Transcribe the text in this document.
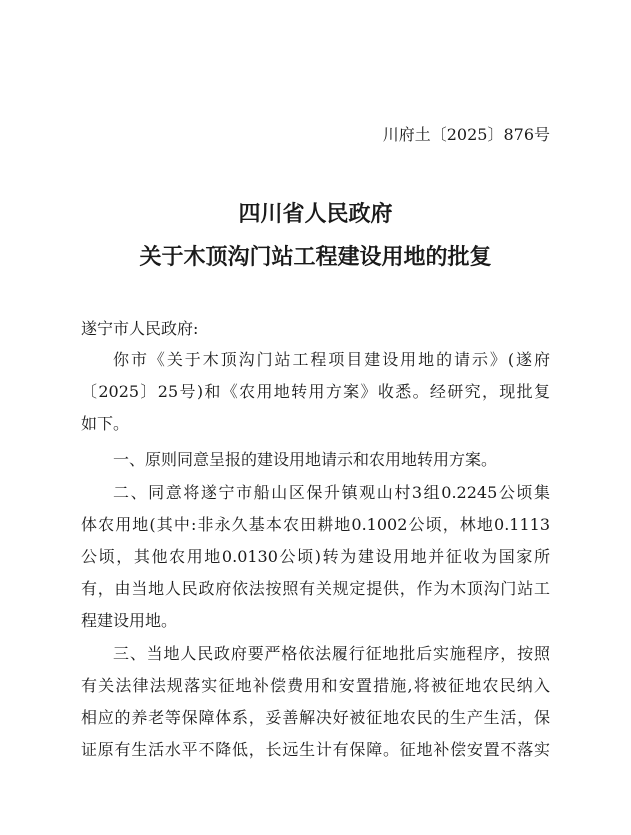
川府土〔2025〕876号
四川省人民政府
关于木顶沟门站工程建设用地的批复
遂宁市人民政府:
你市《关于木顶沟门站工程项目建设用地的请示》(遂府
〔2025〕25号)和《农用地转用方案》收悉。经研究，现批复
如下。
一、原则同意呈报的建设用地请示和农用地转用方案。
二、同意将遂宁市船山区保升镇观山村3组0.2245公顷集
体农用地(其中:非永久基本农田耕地0.1002公顷，林地0.1113
公顷，其他农用地0.0130公顷)转为建设用地并征收为国家所
有，由当地人民政府依法按照有关规定提供，作为木顶沟门站工
程建设用地。
三、当地人民政府要严格依法履行征地批后实施程序，按照
有关法律法规落实征地补偿费用和安置措施,将被征地农民纳入
相应的养老等保障体系，妥善解决好被征地农民的生产生活，保
证原有生活水平不降低，长远生计有保障。征地补偿安置不落实
